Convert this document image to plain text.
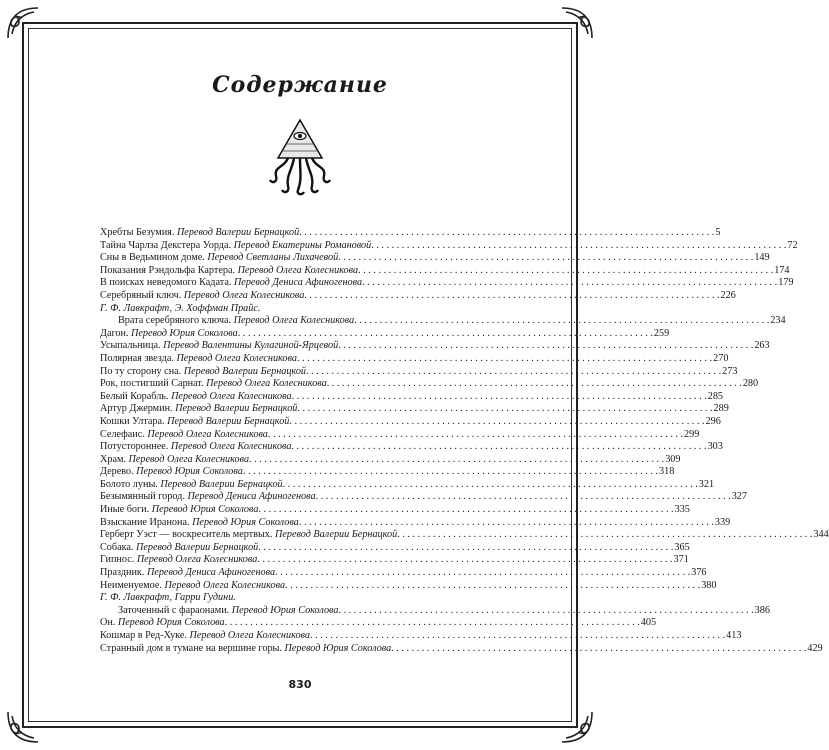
Содержание
Хребты Безумия. Перевод Валерии Бернацкой . . .	5
Тайна Чарлза Декстера Уорда. Перевод Екатерины Романовой . . .	72
Сны в Ведьмином доме. Перевод Светланы Лихачевой . . .	149
Показания Рэндольфа Картера. Перевод Олега Колесникова . . .	174
В поисках неведомого Кадата. Перевод Дениса Афиногенова . . .	179
Серебряный ключ. Перевод Олега Колесникова . . .	226
Г. Ф. Лавкрафт, Э. Хоффман Прайс.
Врата серебряного ключа. Перевод Олега Колесникова . . .	234
Дагон. Перевод Юрия Соколова . . .	259
Усыпальница. Перевод Валентины Кулагиной-Ярцевой . . .	263
Полярная звезда. Перевод Олега Колесникова . . .	270
По ту сторону сна. Перевод Валерии Бернацкой . . .	273
Рок, постигший Сарнат. Перевод Олега Колесникова . . .	280
Белый Корабль. Перевод Олега Колесникова . . .	285
Артур Джермин. Перевод Валерии Бернацкой . . .	289
Кошки Ултара. Перевод Валерии Бернацкой . . .	296
Селефаис. Перевод Олега Колесникова . . .	299
Потустороннее. Перевод Олега Колесникова . . .	303
Храм. Перевод Олега Колесникова . . .	309
Дерево. Перевод Юрия Соколова . . .	318
Болото луны. Перевод Валерии Бернацкой . . .	321
Безымянный город. Перевод Дениса Афиногенова . . .	327
Иные боги. Перевод Юрия Соколова . . .	335
Взыскание Иранона. Перевод Юрия Соколова . . .	339
Герберт Уэст — воскреситель мертвых. Перевод Валерии Бернацкой . . .	344
Собака. Перевод Валерии Бернацкой . . .	365
Гипнос. Перевод Олега Колесникова . . .	371
Праздник. Перевод Дениса Афиногенова . . .	376
Неименуемое. Перевод Олега Колесникова . . .	380
Г. Ф. Лавкрафт, Гарри Гудини.
Заточенный с фараонами. Перевод Юрия Соколова . . .	386
Он. Перевод Юрия Соколова . . .	405
Кошмар в Ред-Хуке. Перевод Олега Колесникова . . .	413
Странный дом в тумане на вершине горы. Перевод Юрия Соколова . . .	429
830
